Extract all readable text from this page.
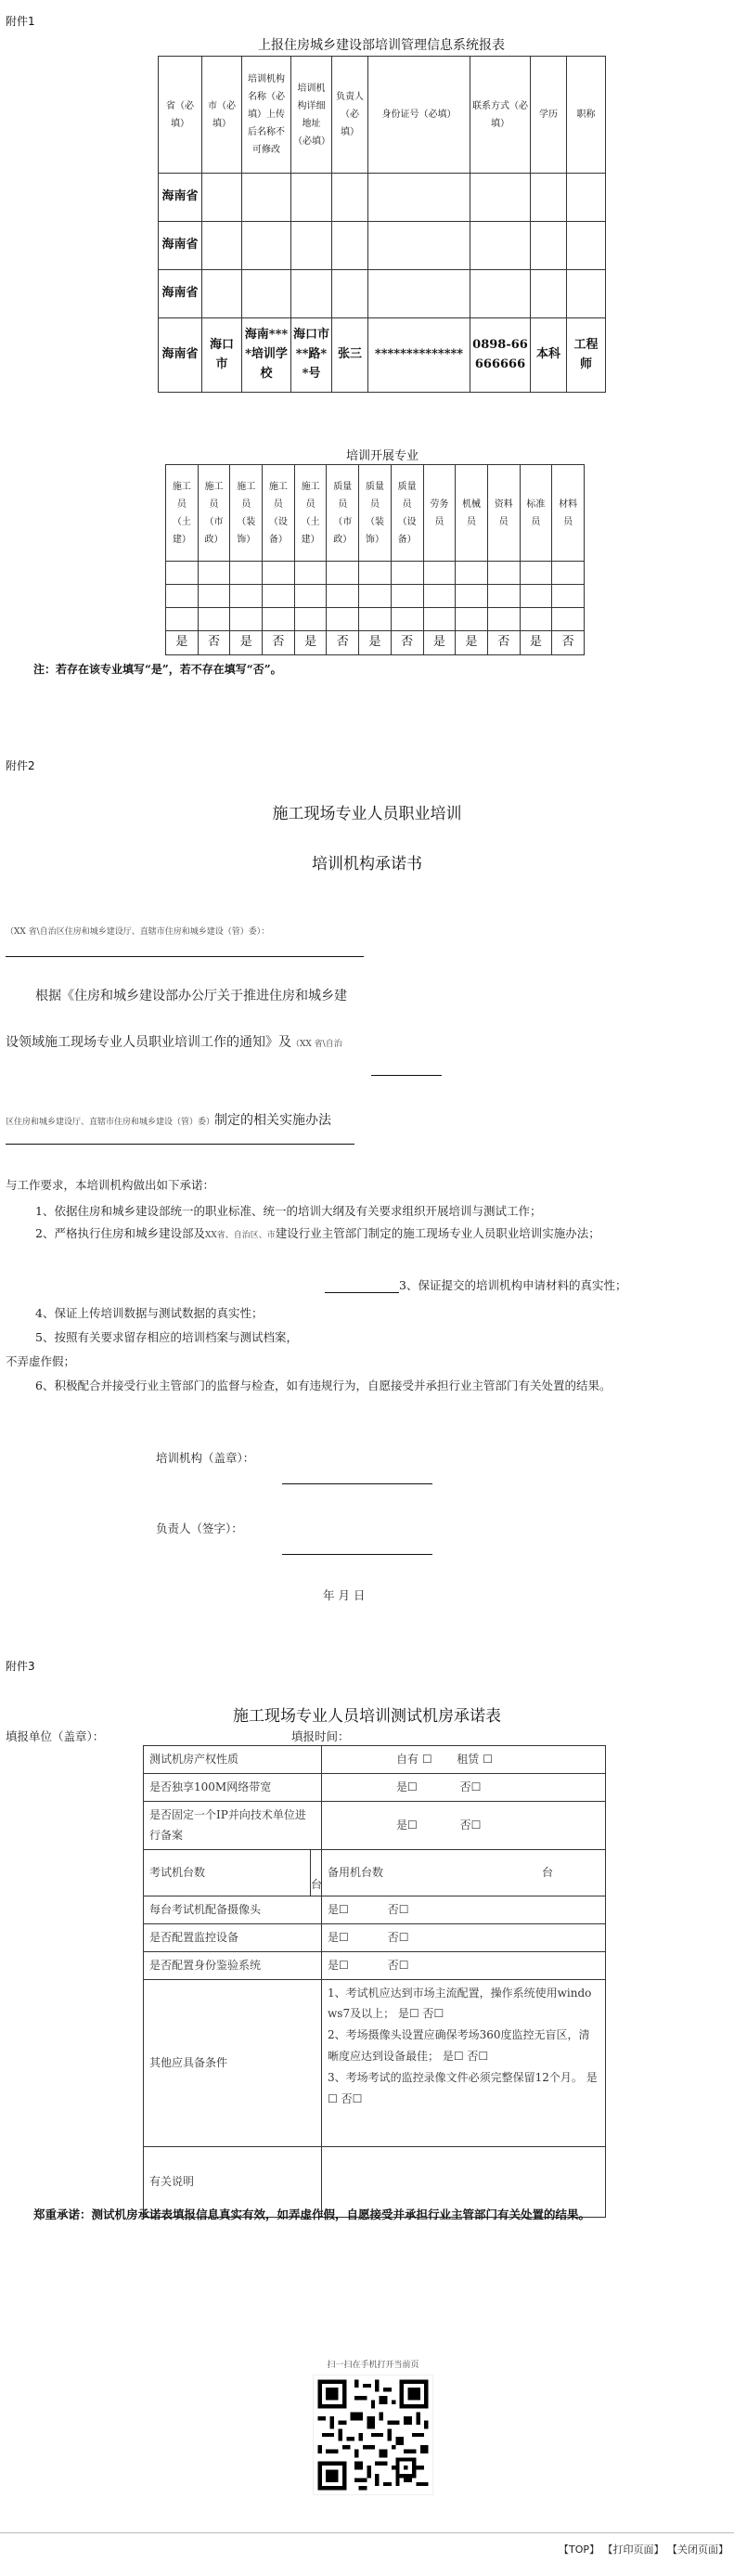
附件1
上报住房城乡建设部培训管理信息系统报表
省（必填）	市（必填）	培训机构名称（必填）上传后名称不可修改	培训机构详细地址（必填）	负责人（必填）	身份证号（必填）	联系方式（必填）	学历	职称
海南省								
海南省								
海南省								
海南省	海口市	海南****培训学校	海口市**路**号	张三	**************	0898-66666666	本科	工程师
培训开展专业
施工员（土建）	施工员（市政）	施工员（装饰）	施工员（设备）	施工员（土建）	质量员（市政）	质量员（装饰）	质量员（设备）	劳务员	机械员	资料员	标准员	材料员

是	否	是	否	是	否	是	否	是	是	否	是	否
注：若存在该专业填写“是”，若不存在填写“否”。
附件2
施工现场专业人员职业培训
培训机构承诺书
（XX 省\自治区住房和城乡建设厅、直辖市住房和城乡建设（管）委）：
根据《住房和城乡建设部办公厅关于推进住房和城乡建
设领域施工现场专业人员职业培训工作的通知》及（XX 省\自治
区住房和城乡建设厅、直辖市住房和城乡建设（管）委）制定的相关实施办法
与工作要求，本培训机构做出如下承诺：
1、依据住房和城乡建设部统一的职业标准、统一的培训大纲及有关要求组织开展培训与测试工作；
2、严格执行住房和城乡建设部及XX省、自治区、市建设行业主管部门制定的施工现场专业人员职业培训实施办法；
3、保证提交的培训机构申请材料的真实性；
4、保证上传培训数据与测试数据的真实性；
5、按照有关要求留存相应的培训档案与测试档案，
不弄虚作假；
6、积极配合并接受行业主管部门的监督与检查，如有违规行为，自愿接受并承担行业主管部门有关处置的结果。
培训机构（盖章）：
负责人（签字）：
年 月 日
附件3
施工现场专业人员培训测试机房承诺表
填报单位（盖章）：	填报时间：
测试机房产权性质		自有 ☐ 租赁 ☐
是否独享100M网络带宽		是☐ 否☐
是否固定一个IP并向技术单位进行备案		是☐ 否☐
考试机台数	台	备用机台数 台

每台考试机配备摄像头		是☐ 否☐
是否配置监控设备		是☐ 否☐
是否配置身份鉴验系统		是☐ 否☐
其他应具备条件		1、考试机应达到市场主流配置，操作系统使用windows7及以上； 是☐ 否☐
2、考场摄像头设置应确保考场360度监控无盲区，清晰度应达到设备最佳； 是☐ 否☐
3、考场考试的监控录像文件必须完整保留12个月。 是☐ 否☐

有关说明		
郑重承诺：测试机房承诺表填报信息真实有效，如弄虚作假，自愿接受并承担行业主管部门有关处置的结果。
扫一扫在手机打开当前页
【TOP】 【打印页面】 【关闭页面】
